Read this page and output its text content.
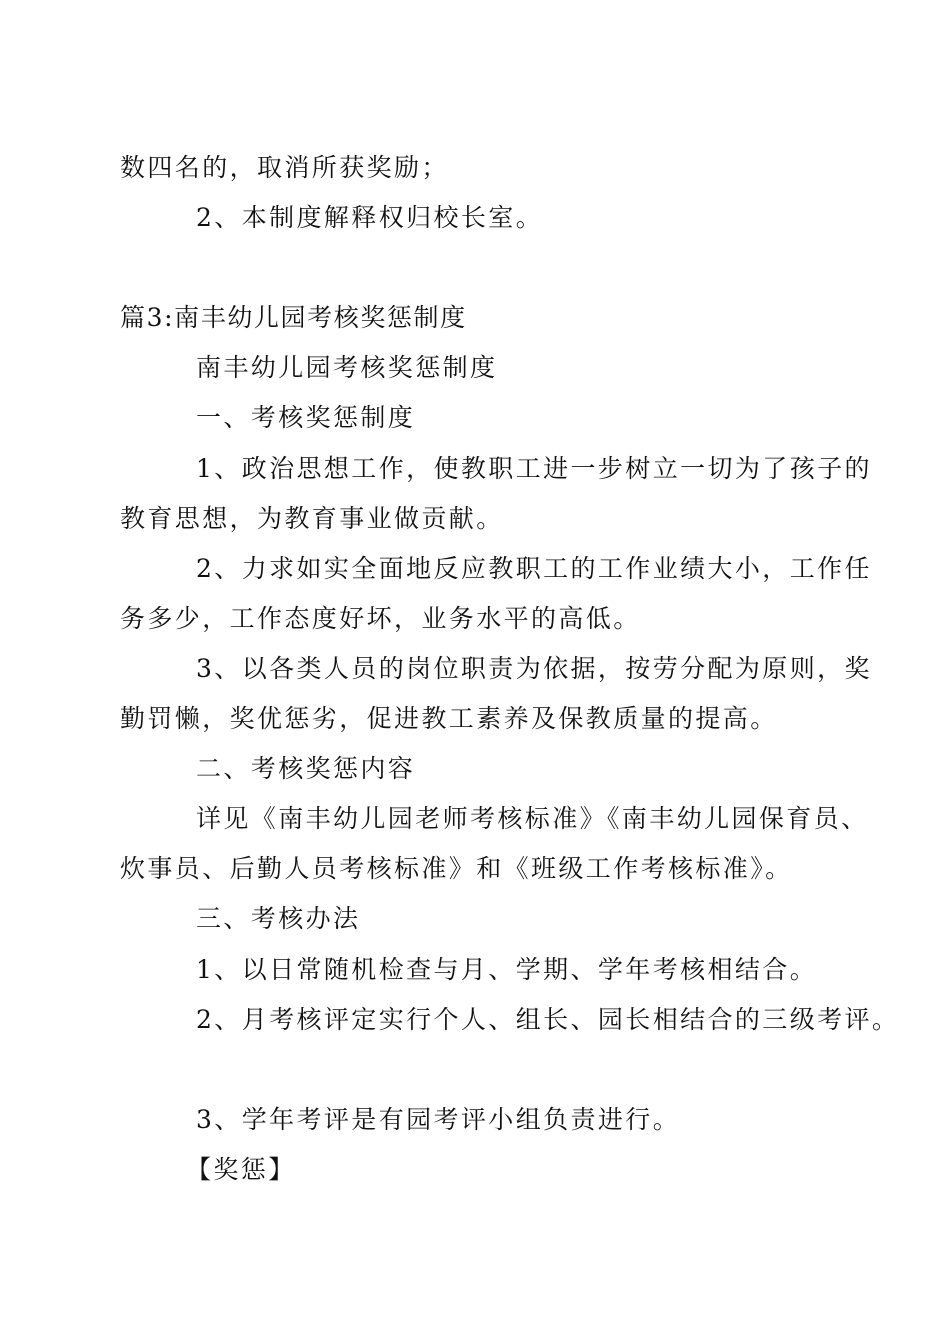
数四名的，取消所获奖励；
2、本制度解释权归校长室。
篇3:南丰幼儿园考核奖惩制度
南丰幼儿园考核奖惩制度
一、考核奖惩制度
1、政治思想工作，使教职工进一步树立一切为了孩子的
教育思想，为教育事业做贡献。
2、力求如实全面地反应教职工的工作业绩大小，工作任
务多少，工作态度好坏，业务水平的高低。
3、以各类人员的岗位职责为依据，按劳分配为原则，奖
勤罚懒，奖优惩劣，促进教工素养及保教质量的提高。
二、考核奖惩内容
详见《南丰幼儿园老师考核标准》《南丰幼儿园保育员、
炊事员、后勤人员考核标准》和《班级工作考核标准》。
三、考核办法
1、以日常随机检查与月、学期、学年考核相结合。
2、月考核评定实行个人、组长、园长相结合的三级考评。
3、学年考评是有园考评小组负责进行。
【奖惩】
